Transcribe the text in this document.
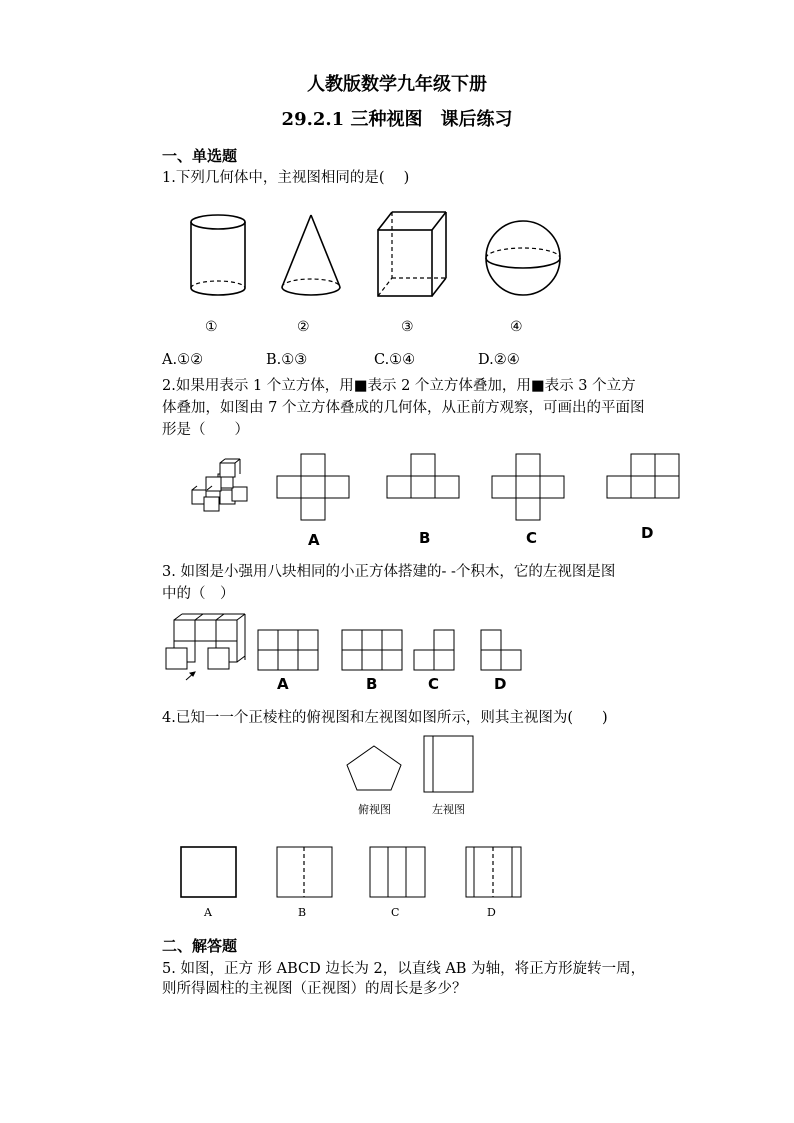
人教版数学九年级下册
29.2.1 三种视图　课后练习
一、单选题
1.下列几何体中，主视图相同的是(　 )
①	②	③	④
A.①②	B.①③	C.①④	D.②④
2.如果用表示 1 个立方体，用■表示 2 个立方体叠加，用■表示 3 个立方
体叠加，如图由 7 个立方体叠成的几何体，从正前方观察，可画出的平面图
形是（　　）
A	B	C	D
3. 如图是小强用八块相同的小正方体搭建的- -个积木，它的左视图是图
中的（　）
A	B	C	D
4.已知一一个正棱柱的俯视图和左视图如图所示，则其主视图为(　　)
俯视图	左视图
A	B	C	D
二、解答题
5. 如图，正方 形 ABCD 边长为 2，以直线 AB 为轴，将正方形旋转一周，
则所得圆柱的主视图（正视图）的周长是多少？
